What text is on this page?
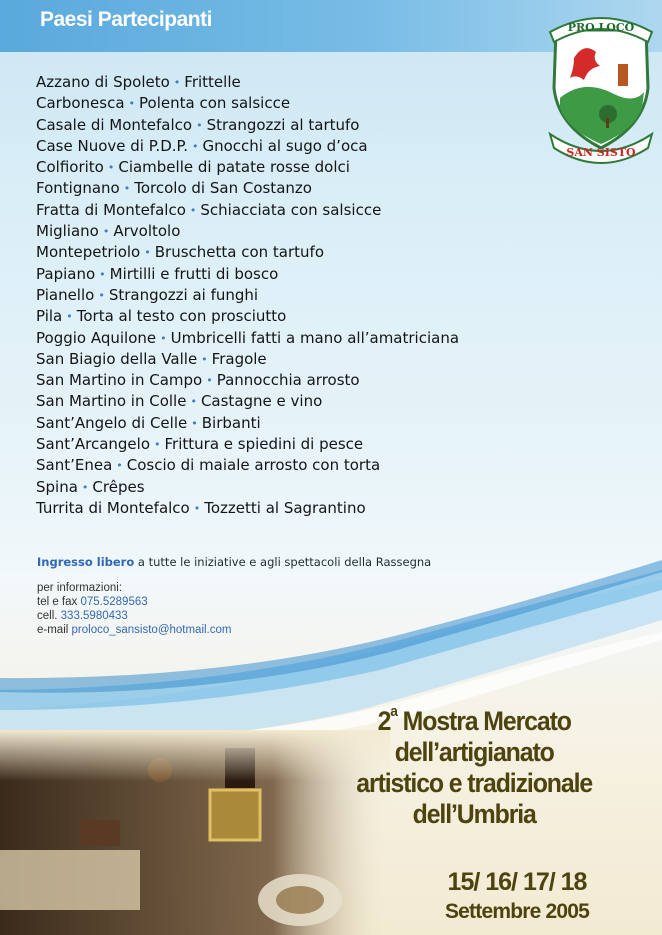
Paesi Partecipanti	PRO LOCO
SAN SISTO
Azzano di Spoleto • Frittelle
Carbonesca • Polenta con salsicce
Casale di Montefalco • Strangozzi al tartufo
Case Nuove di P.D.P. • Gnocchi al sugo d’oca
Colfiorito • Ciambelle di patate rosse dolci
Fontignano • Torcolo di San Costanzo
Fratta di Montefalco • Schiacciata con salsicce
Migliano • Arvoltolo
Montepetriolo • Bruschetta con tartufo
Papiano • Mirtilli e frutti di bosco
Pianello • Strangozzi ai funghi
Pila • Torta al testo con prosciutto
Poggio Aquilone • Umbricelli fatti a mano all’amatriciana
San Biagio della Valle • Fragole
San Martino in Campo • Pannocchia arrosto
San Martino in Colle • Castagne e vino
Sant’Angelo di Celle • Birbanti
Sant’Arcangelo • Frittura e spiedini di pesce
Sant’Enea • Coscio di maiale arrosto con torta
Spina • Crêpes
Turrita di Montefalco • Tozzetti al Sagrantino
Ingresso libero a tutte le iniziative e agli spettacoli della Rassegna
per informazioni:
tel e fax 075.5289563
cell. 333.5980433
e-mail proloco_sansisto@hotmail.com
2$^a$ Mostra Mercato
dell’artigianato
artistico e tradizionale
dell’Umbria
15/ 16/ 17/ 18
Settembre 2005
